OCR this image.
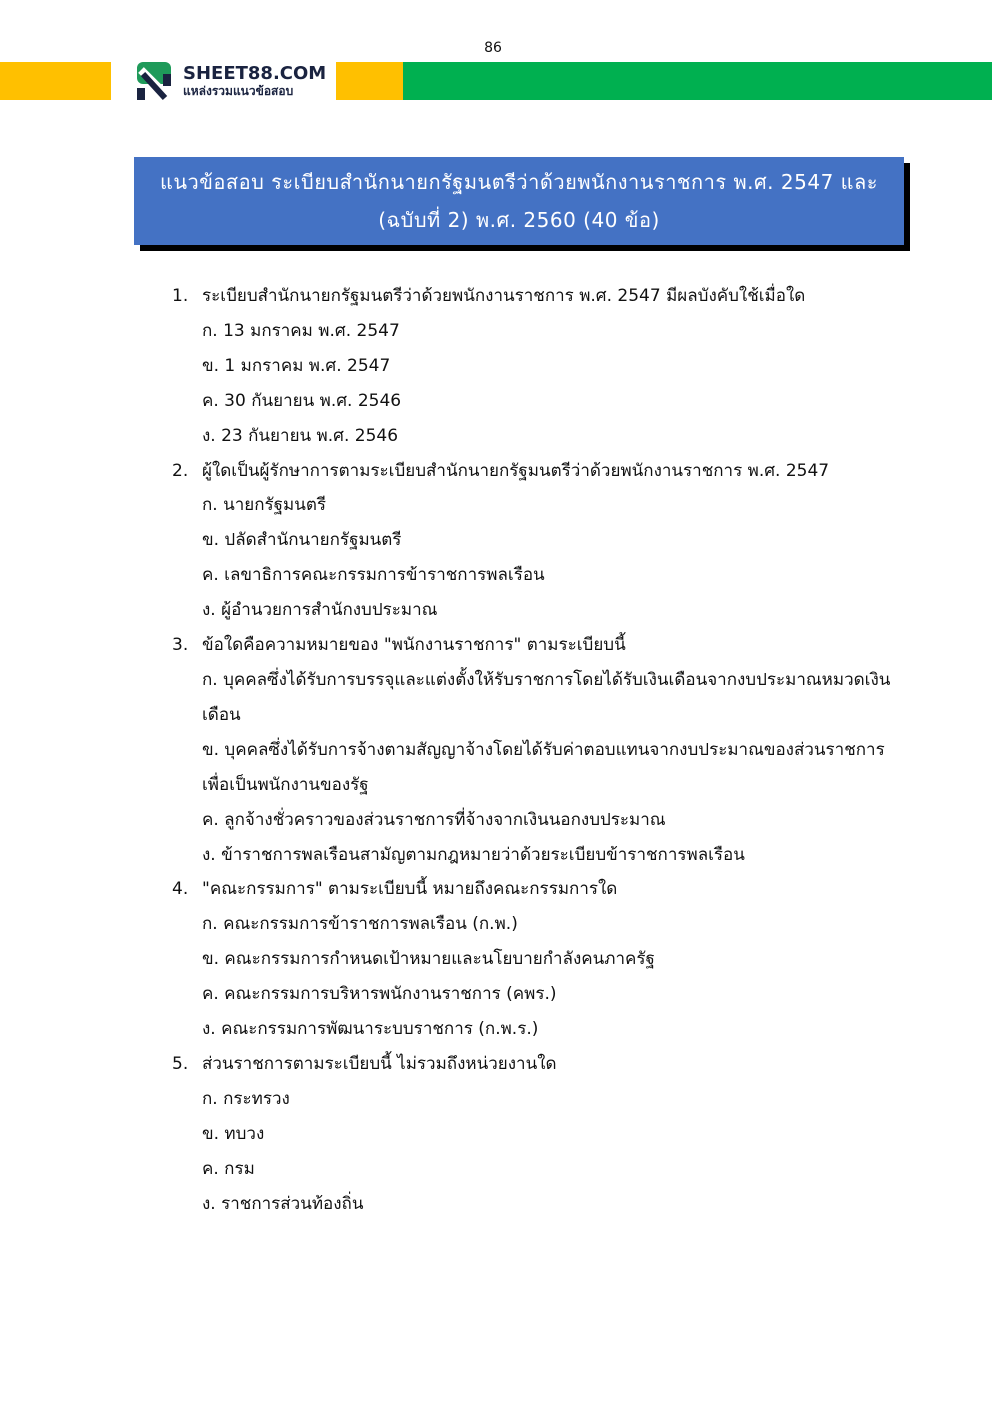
86
SHEET88.COM
แหล่งรวมแนวข้อสอบ
แนวข้อสอบ ระเบียบสำนักนายกรัฐมนตรีว่าด้วยพนักงานราชการ พ.ศ. 2547 และ
(ฉบับที่ 2) พ.ศ. 2560 (40 ข้อ)
1. ระเบียบสำนักนายกรัฐมนตรีว่าด้วยพนักงานราชการ พ.ศ. 2547 มีผลบังคับใช้เมื่อใด
ก. 13 มกราคม พ.ศ. 2547
ข. 1 มกราคม พ.ศ. 2547
ค. 30 กันยายน พ.ศ. 2546
ง. 23 กันยายน พ.ศ. 2546
2. ผู้ใดเป็นผู้รักษาการตามระเบียบสำนักนายกรัฐมนตรีว่าด้วยพนักงานราชการ พ.ศ. 2547
ก. นายกรัฐมนตรี
ข. ปลัดสำนักนายกรัฐมนตรี
ค. เลขาธิการคณะกรรมการข้าราชการพลเรือน
ง. ผู้อำนวยการสำนักงบประมาณ
3. ข้อใดคือความหมายของ "พนักงานราชการ" ตามระเบียบนี้
ก. บุคคลซึ่งได้รับการบรรจุและแต่งตั้งให้รับราชการโดยได้รับเงินเดือนจากงบประมาณหมวดเงินเดือน
ข. บุคคลซึ่งได้รับการจ้างตามสัญญาจ้างโดยได้รับค่าตอบแทนจากงบประมาณของส่วนราชการ เพื่อเป็นพนักงานของรัฐ
ค. ลูกจ้างชั่วคราวของส่วนราชการที่จ้างจากเงินนอกงบประมาณ
ง. ข้าราชการพลเรือนสามัญตามกฎหมายว่าด้วยระเบียบข้าราชการพลเรือน
4. "คณะกรรมการ" ตามระเบียบนี้ หมายถึงคณะกรรมการใด
ก. คณะกรรมการข้าราชการพลเรือน (ก.พ.)
ข. คณะกรรมการกำหนดเป้าหมายและนโยบายกำลังคนภาครัฐ
ค. คณะกรรมการบริหารพนักงานราชการ (คพร.)
ง. คณะกรรมการพัฒนาระบบราชการ (ก.พ.ร.)
5. ส่วนราชการตามระเบียบนี้ ไม่รวมถึงหน่วยงานใด
ก. กระทรวง
ข. ทบวง
ค. กรม
ง. ราชการส่วนท้องถิ่น
